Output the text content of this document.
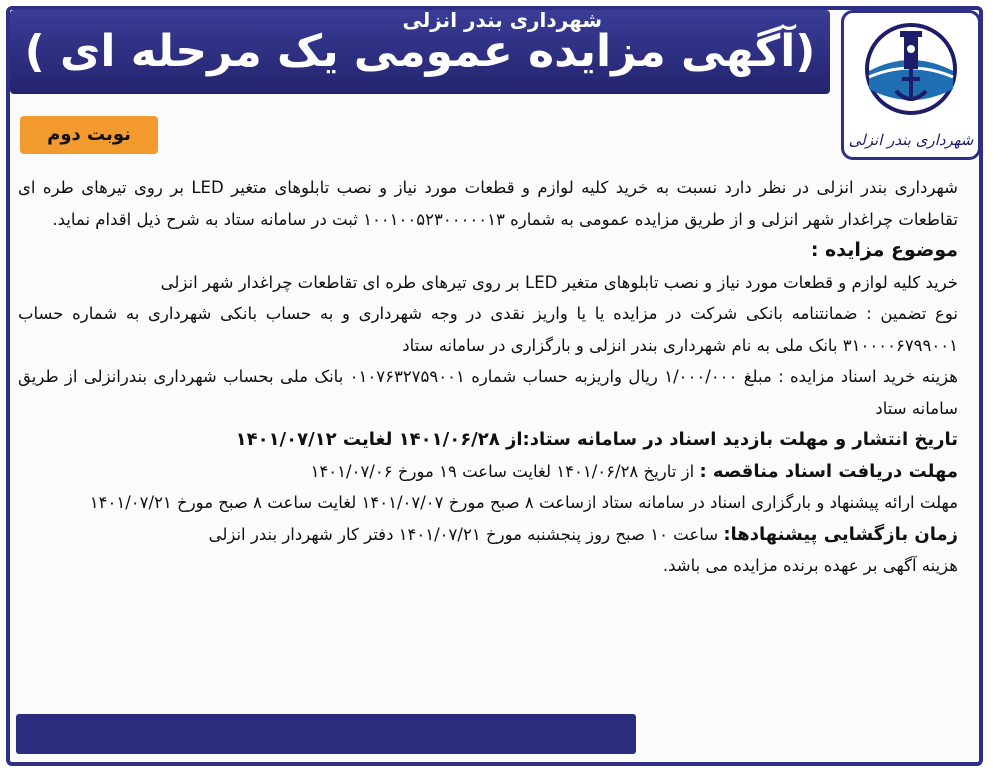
(آگهی مزایده عمومی یک مرحله ای )
شهرداری بندر انزلی
نوبت دوم

شهرداری بندر انزلی در نظر دارد نسبت به خرید کلیه لوازم و قطعات مورد نیاز و نصب تابلوهای متغیر LED بر روی تیرهای طره ای تقاطعات چراغدار شهر انزلی و از طریق مزایده عمومی به شماره ۱۰۰۱۰۰۵۲۳۰۰۰۰۰۱۳ ثبت در سامانه ستاد به شرح ذیل اقدام نماید.

موضوع مزایده :

خرید کلیه لوازم و قطعات مورد نیاز و نصب تابلوهای متغیر LED بر روی تیرهای طره ای تقاطعات چراغدار شهر انزلی

نوع تضمین : ضمانتنامه بانکی شرکت در مزایده یا یا واریز نقدی در وجه شهرداری و به حساب بانکی شهرداری به شماره حساب ۳۱۰۰۰۰۶۷۹۹۰۰۱ بانک ملی به نام شهرداری بندر انزلی و بارگزاری در سامانه ستاد

هزینه خرید اسناد مزایده : مبلغ ۱/۰۰۰/۰۰۰ ریال واریزبه حساب شماره ۰۱۰۷۶۳۲۷۵۹۰۰۱ بانک ملی بحساب شهرداری بندرانزلی از طریق سامانه ستاد

تاریخ انتشار و مهلت بازدید اسناد در سامانه ستاد:از ۱۴۰۱/۰۶/۲۸ لغایت ۱۴۰۱/۰۷/۱۲

مهلت دریافت اسناد مناقصه : از تاریخ ۱۴۰۱/۰۶/۲۸ لغایت ساعت ۱۹ مورخ ۱۴۰۱/۰۷/۰۶

مهلت ارائه پیشنهاد و بارگزاری اسناد در سامانه ستاد ازساعت ۸ صبح مورخ ۱۴۰۱/۰۷/۰۷ لغایت ساعت ۸ صبح مورخ ۱۴۰۱/۰۷/۲۱

زمان بازگشایی پیشنهادها: ساعت ۱۰ صبح روز پنجشنبه مورخ ۱۴۰۱/۰۷/۲۱ دفتر کار شهردار بندر انزلی

هزینه آگهی بر عهده برنده مزایده می باشد.

شهرداری بندر انزلی
